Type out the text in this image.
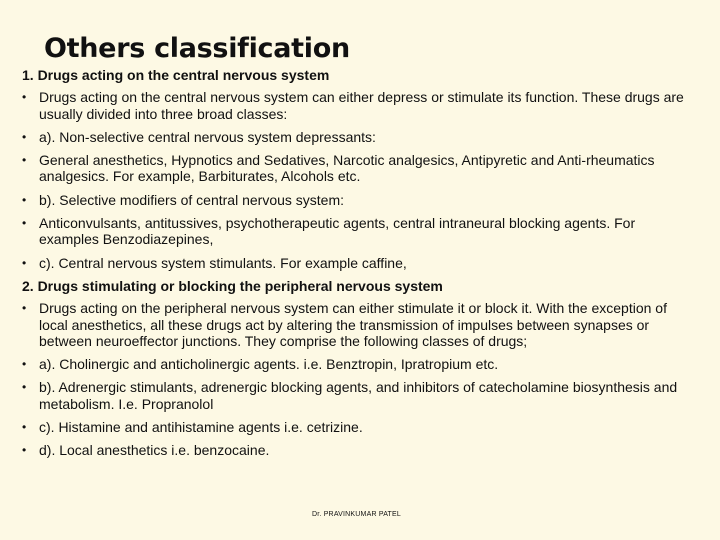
Others classification

1. Drugs acting on the central nervous system

• Drugs acting on the central nervous system can either depress or stimulate its function. These drugs are usually divided into three broad classes:
• a). Non-selective central nervous system depressants:
• General anesthetics, Hypnotics and Sedatives, Narcotic analgesics, Antipyretic and Anti-rheumatics analgesics. For example, Barbiturates, Alcohols etc.
• b). Selective modifiers of central nervous system:
• Anticonvulsants, antitussives, psychotherapeutic agents, central intraneural blocking agents. For examples Benzodiazepines,
• c). Central nervous system stimulants. For example caffine,

2. Drugs stimulating or blocking the peripheral nervous system

• Drugs acting on the peripheral nervous system can either stimulate it or block it. With the exception of local anesthetics, all these drugs act by altering the transmission of impulses between synapses or between neuroeffector junctions. They comprise the following classes of drugs;
• a). Cholinergic and anticholinergic agents. i.e. Benztropin, Ipratropium etc.
• b). Adrenergic stimulants, adrenergic blocking agents, and inhibitors of catecholamine biosynthesis and metabolism. I.e. Propranolol
• c). Histamine and antihistamine agents i.e. cetrizine.
• d). Local anesthetics i.e. benzocaine.
Dr. PRAVINKUMAR PATEL
